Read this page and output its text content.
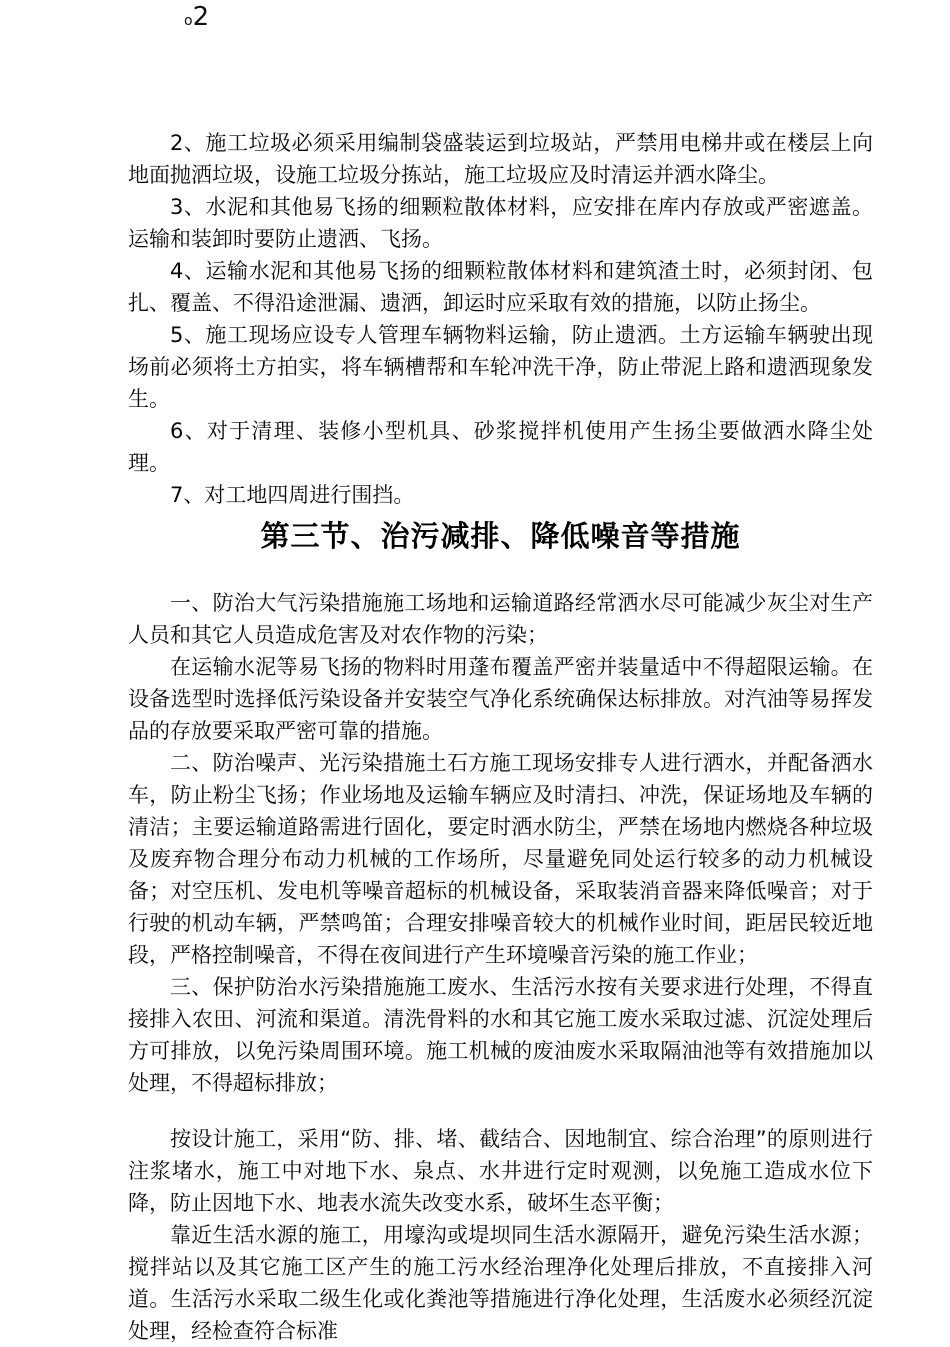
o2

2、施工垃圾必须采用编制袋盛装运到垃圾站，严禁用电梯井或在楼层上向地面抛洒垃圾，设施工垃圾分拣站，施工垃圾应及时清运并洒水降尘。

3、水泥和其他易飞扬的细颗粒散体材料，应安排在库内存放或严密遮盖。运输和装卸时要防止遗洒、飞扬。

4、运输水泥和其他易飞扬的细颗粒散体材料和建筑渣土时，必须封闭、包扎、覆盖、不得沿途泄漏、遗洒，卸运时应采取有效的措施，以防止扬尘。

5、施工现场应设专人管理车辆物料运输，防止遗洒。土方运输车辆驶出现场前必须将土方拍实，将车辆槽帮和车轮冲洗干净，防止带泥上路和遗洒现象发生。

6、对于清理、装修小型机具、砂浆搅拌机使用产生扬尘要做洒水降尘处理。

7、对工地四周进行围挡。

第三节、治污减排、降低噪音等措施

一、防治大气污染措施施工场地和运输道路经常洒水尽可能减少灰尘对生产人员和其它人员造成危害及对农作物的污染；

在运输水泥等易飞扬的物料时用蓬布覆盖严密并装量适中不得超限运输。在设备选型时选择低污染设备并安装空气净化系统确保达标排放。对汽油等易挥发品的存放要采取严密可靠的措施。

二、防治噪声、光污染措施土石方施工现场安排专人进行洒水，并配备洒水车，防止粉尘飞扬；作业场地及运输车辆应及时清扫、冲洗，保证场地及车辆的清洁；主要运输道路需进行固化，要定时洒水防尘，严禁在场地内燃烧各种垃圾及废弃物合理分布动力机械的工作场所，尽量避免同处运行较多的动力机械设备；对空压机、发电机等噪音超标的机械设备，采取装消音器来降低噪音；对于行驶的机动车辆，严禁鸣笛；合理安排噪音较大的机械作业时间，距居民较近地段，严格控制噪音，不得在夜间进行产生环境噪音污染的施工作业；

三、保护防治水污染措施施工废水、生活污水按有关要求进行处理，不得直接排入农田、河流和渠道。清洗骨料的水和其它施工废水采取过滤、沉淀处理后方可排放，以免污染周围环境。施工机械的废油废水采取隔油池等有效措施加以处理，不得超标排放；

按设计施工，采用“防、排、堵、截结合、因地制宜、综合治理”的原则进行注浆堵水，施工中对地下水、泉点、水井进行定时观测，以免施工造成水位下降，防止因地下水、地表水流失改变水系，破坏生态平衡；

靠近生活水源的施工，用壕沟或堤坝同生活水源隔开，避免污染生活水源；搅拌站以及其它施工区产生的施工污水经治理净化处理后排放，不直接排入河道。生活污水采取二级生化或化粪池等措施进行净化处理，生活废水必须经沉淀处理，经检查符合标准
